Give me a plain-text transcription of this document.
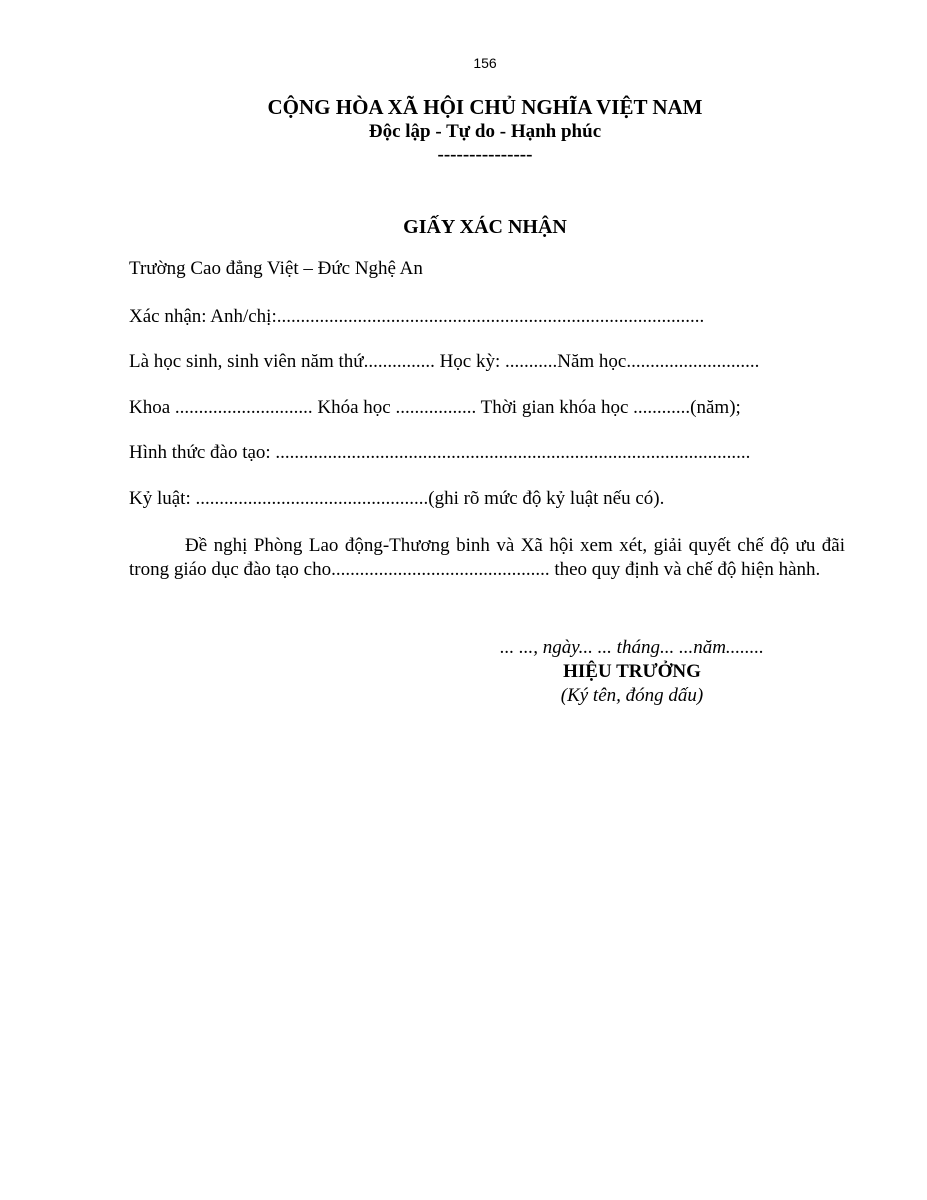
156
CỘNG HÒA XÃ HỘI CHỦ NGHĨA VIỆT NAM
Độc lập - Tự do - Hạnh phúc
---------------
GIẤY XÁC NHẬN
Trường Cao đẳng Việt – Đức Nghệ An
Xác nhận: Anh/chị:..........................................................................................
Là học sinh, sinh viên năm thứ............... Học kỳ: ...........Năm học............................
Khoa ............................. Khóa học ................. Thời gian khóa học ............(năm);
Hình thức đào tạo: ....................................................................................................
Kỷ luật: .................................................(ghi rõ mức độ kỷ luật nếu có).
Đề nghị Phòng Lao động-Thương binh và Xã hội xem xét, giải quyết chế độ ưu đãi trong giáo dục đào tạo cho.............................................. theo quy định và chế độ hiện hành.
... ..., ngày... ... tháng... ...năm........
HIỆU TRƯỞNG
(Ký tên, đóng dấu)
